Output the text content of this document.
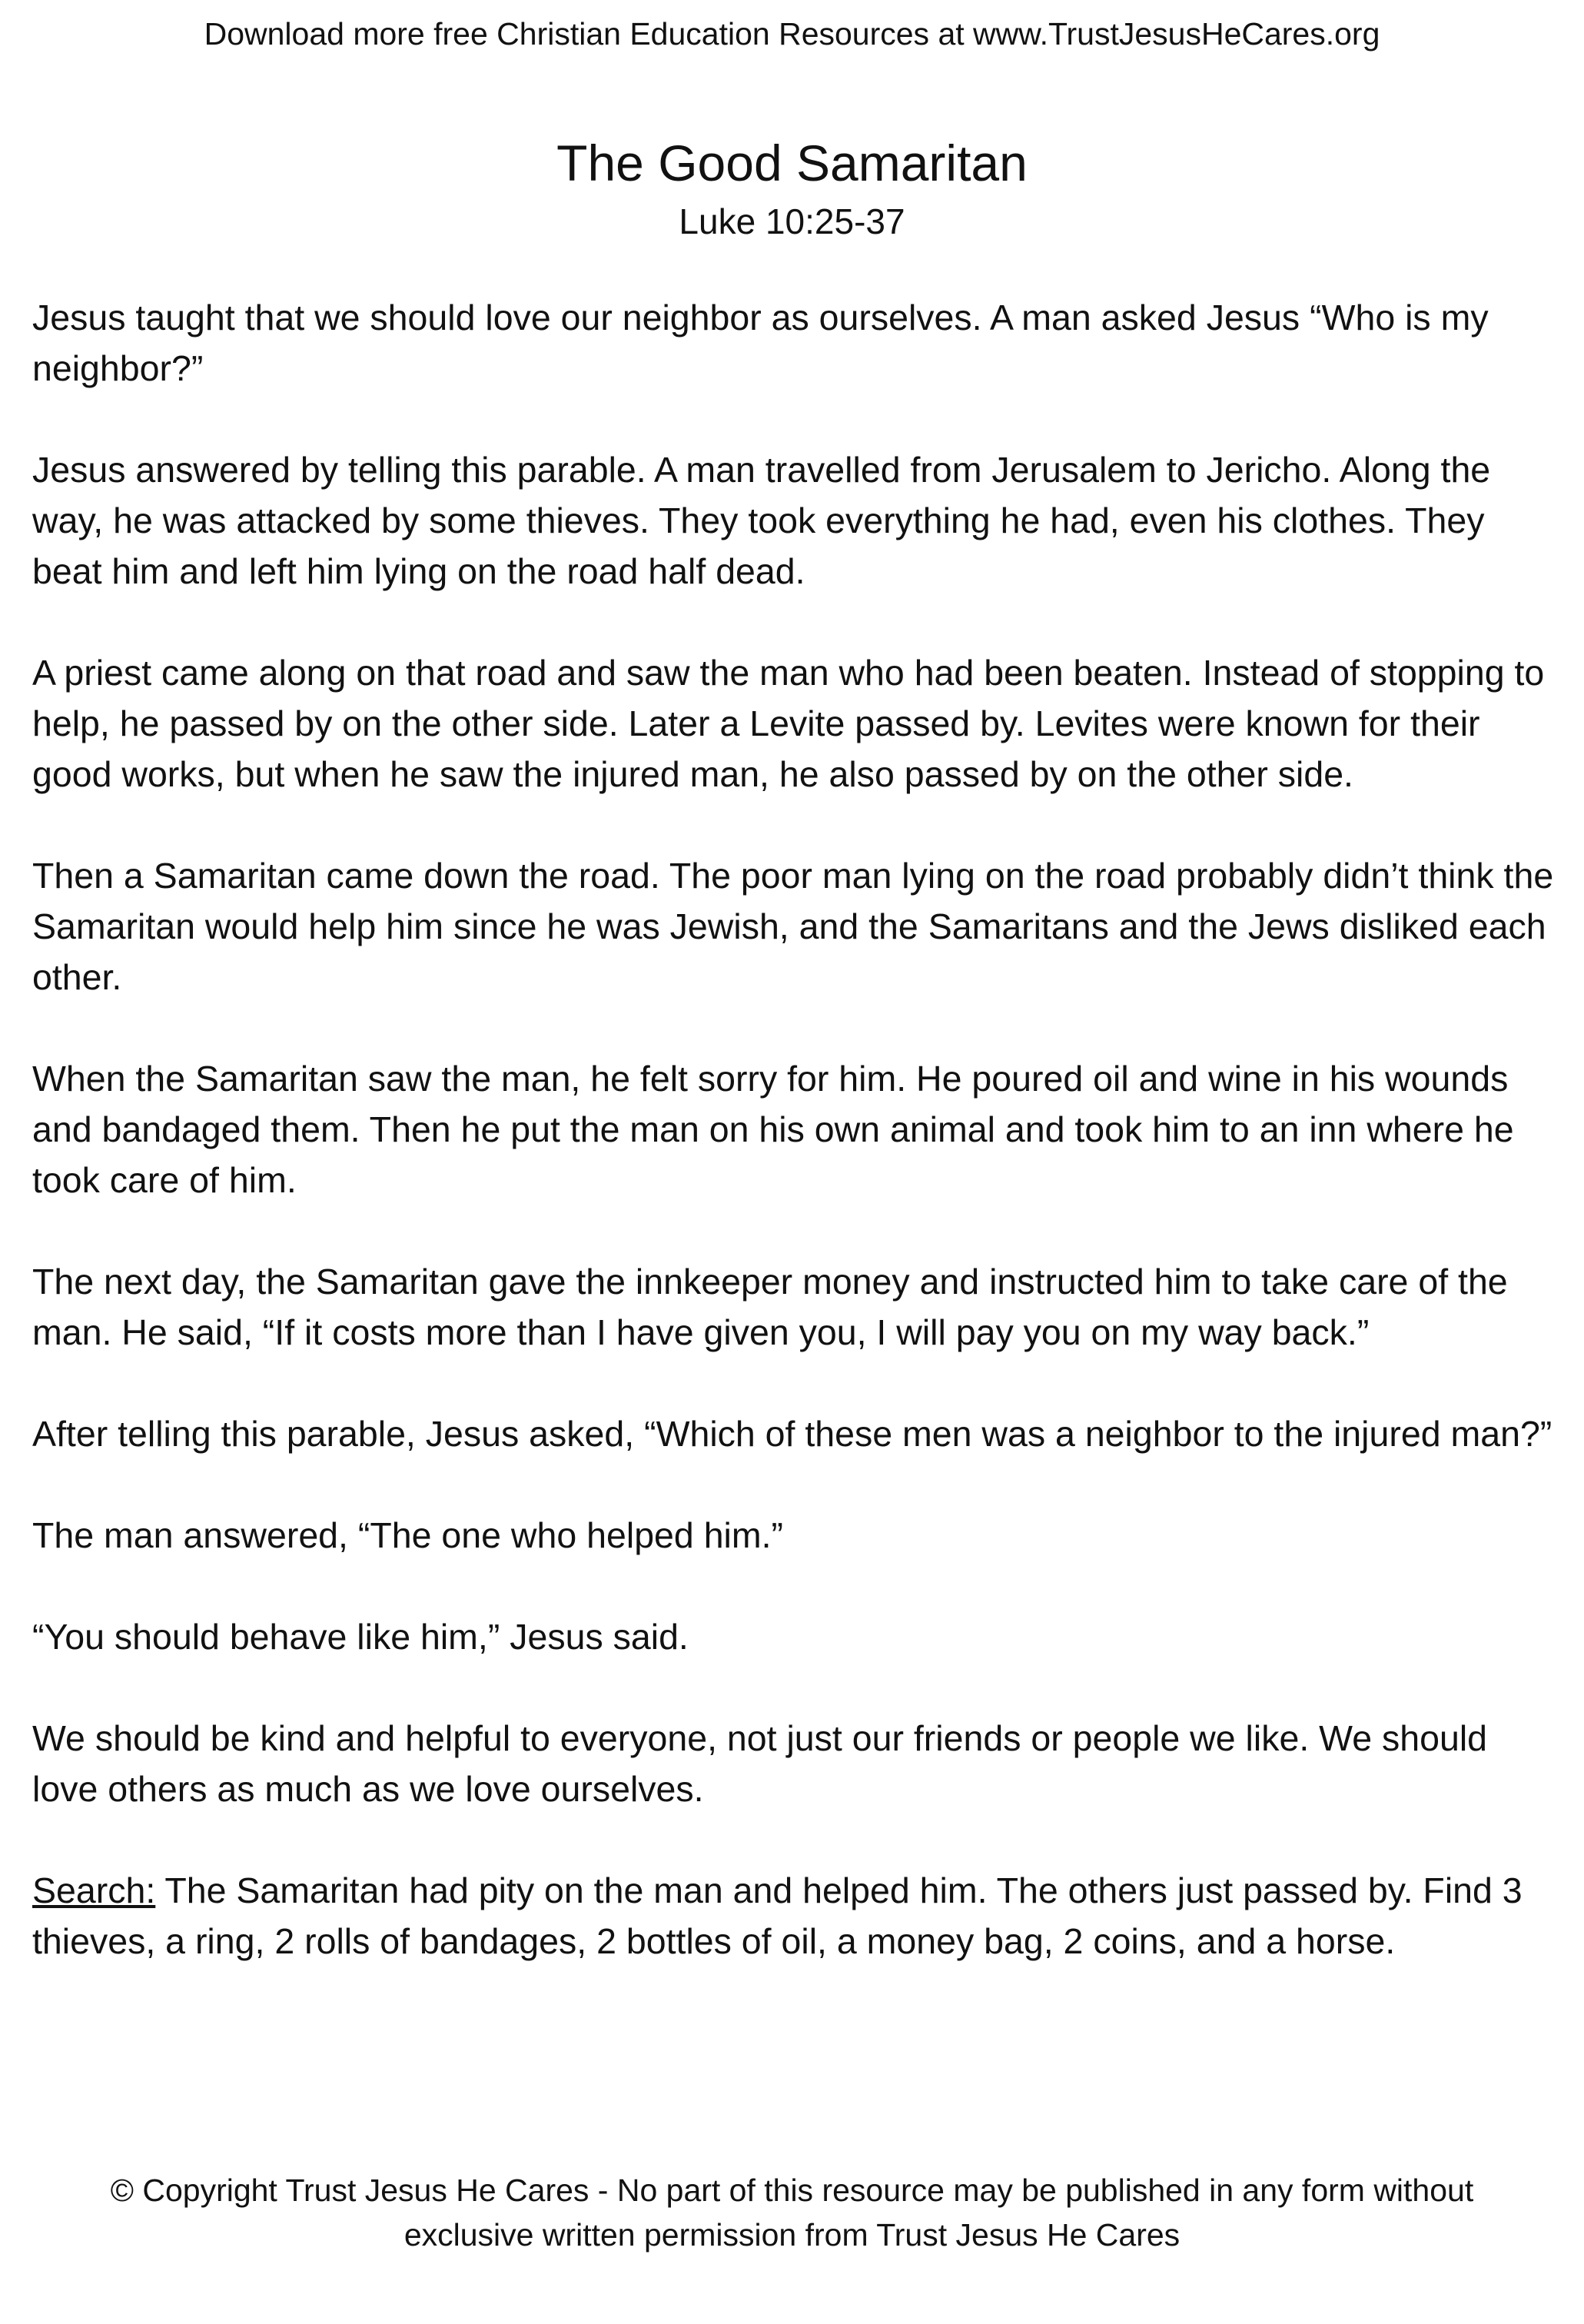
Download more free Christian Education Resources at www.TrustJesusHeCares.org
The Good Samaritan
Luke 10:25-37

Jesus taught that we should love our neighbor as ourselves. A man asked Jesus “Who is my neighbor?”

Jesus answered by telling this parable. A man travelled from Jerusalem to Jericho. Along the way, he was attacked by some thieves. They took everything he had, even his clothes. They beat him and left him lying on the road half dead.

A priest came along on that road and saw the man who had been beaten. Instead of stopping to help, he passed by on the other side. Later a Levite passed by. Levites were known for their good works, but when he saw the injured man, he also passed by on the other side.

Then a Samaritan came down the road. The poor man lying on the road probably didn’t think the Samaritan would help him since he was Jewish, and the Samaritans and the Jews disliked each other.

When the Samaritan saw the man, he felt sorry for him. He poured oil and wine in his wounds and bandaged them. Then he put the man on his own animal and took him to an inn where he took care of him.

The next day, the Samaritan gave the innkeeper money and instructed him to take care of the man. He said, “If it costs more than I have given you, I will pay you on my way back.”

After telling this parable, Jesus asked, “Which of these men was a neighbor to the injured man?”

The man answered, “The one who helped him.”

“You should behave like him,” Jesus said.

We should be kind and helpful to everyone, not just our friends or people we like. We should love others as much as we love ourselves.

Search: The Samaritan had pity on the man and helped him. The others just passed by. Find 3 thieves, a ring, 2 rolls of bandages, 2 bottles of oil, a money bag, 2 coins, and a horse.

© Copyright Trust Jesus He Cares - No part of this resource may be published in any form without
exclusive written permission from Trust Jesus He Cares
